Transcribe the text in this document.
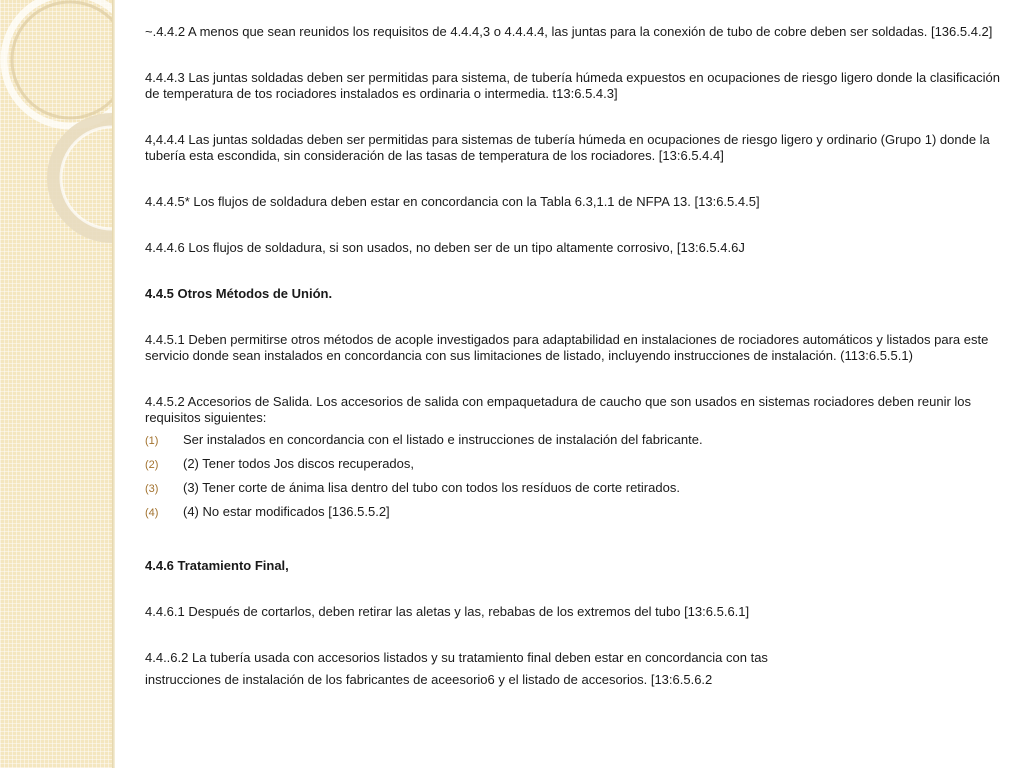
~.4.4.2 A menos que sean reunidos los requisitos de 4.4.4,3 o 4.4.4.4, las juntas para la conexión de tubo de cobre deben ser soldadas. [136.5.4.2]

4.4.4.3 Las juntas soldadas deben ser permitidas para sistema, de tubería húmeda expuestos en ocupaciones de riesgo ligero donde la clasificación de temperatura de tos rociadores instalados es ordinaria o intermedia. t13:6.5.4.3]

4,4.4.4 Las juntas soldadas deben ser permitidas para sistemas de tubería húmeda en ocupaciones de riesgo ligero y ordinario (Grupo 1) donde la tubería esta escondida, sin consideración de las tasas de temperatura de los rociadores. [13:6.5.4.4]

4.4.4.5* Los flujos de soldadura deben estar en concordancia con la Tabla 6.3,1.1 de NFPA 13. [13:6.5.4.5]

4.4.4.6 Los flujos de soldadura, si son usados, no deben ser de un tipo altamente corrosivo, [13:6.5.4.6J

4.4.5 Otros Métodos de Unión.

4.4.5.1 Deben permitirse otros métodos de acople investigados para adaptabilidad en instalaciones de rociadores automáticos y listados para este servicio donde sean instalados en concordancia con sus limitaciones de listado, incluyendo instrucciones de instalación. (113:6.5.5.1)

4.4.5.2 Accesorios de Salida. Los accesorios de salida con empaquetadura de caucho que son usados en sistemas rociadores deben reunir los requisitos siguientes:

(1) Ser instalados en concordancia con el listado e instrucciones de instalación del fabricante.
(2) (2) Tener todos Jos discos recuperados,
(3) (3) Tener corte de ánima lisa dentro del tubo con todos los resíduos de corte retirados.
(4) (4) No estar modificados [136.5.5.2]

4.4.6 Tratamiento Final,

4.4.6.1 Después de cortarlos, deben retirar las aletas y las, rebabas de los extremos del tubo [13:6.5.6.1]

4.4..6.2 La tubería usada con accesorios listados y su tratamiento final deben estar en concordancia con tas

instrucciones de instalación de los fabricantes de aceesorio6 y el listado de accesorios. [13:6.5.6.2
